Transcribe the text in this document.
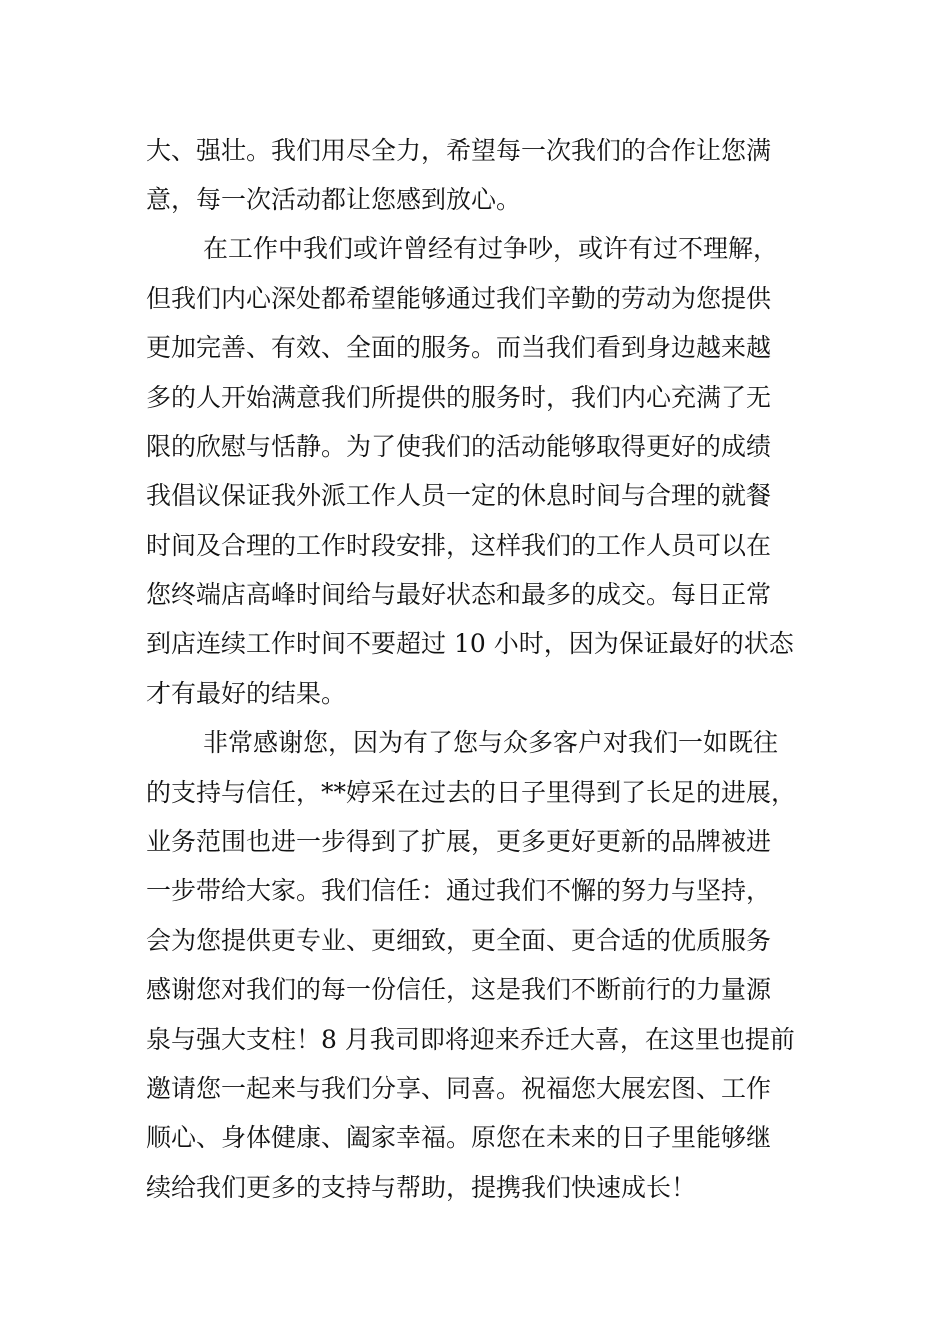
大、强壮。我们用尽全力，希望每一次我们的合作让您满
意，每一次活动都让您感到放心。
在工作中我们或许曾经有过争吵，或许有过不理解，
但我们内心深处都希望能够通过我们辛勤的劳动为您提供
更加完善、有效、全面的服务。而当我们看到身边越来越
多的人开始满意我们所提供的服务时，我们内心充满了无
限的欣慰与恬静。为了使我们的活动能够取得更好的成绩
我倡议保证我外派工作人员一定的休息时间与合理的就餐
时间及合理的工作时段安排，这样我们的工作人员可以在
您终端店高峰时间给与最好状态和最多的成交。每日正常
到店连续工作时间不要超过 10 小时，因为保证最好的状态
才有最好的结果。
非常感谢您，因为有了您与众多客户对我们一如既往
的支持与信任，**婷采在过去的日子里得到了长足的进展，
业务范围也进一步得到了扩展，更多更好更新的品牌被进
一步带给大家。我们信任：通过我们不懈的努力与坚持，
会为您提供更专业、更细致，更全面、更合适的优质服务
感谢您对我们的每一份信任，这是我们不断前行的力量源
泉与强大支柱！8 月我司即将迎来乔迁大喜，在这里也提前
邀请您一起来与我们分享、同喜。祝福您大展宏图、工作
顺心、身体健康、阖家幸福。原您在未来的日子里能够继
续给我们更多的支持与帮助，提携我们快速成长！
